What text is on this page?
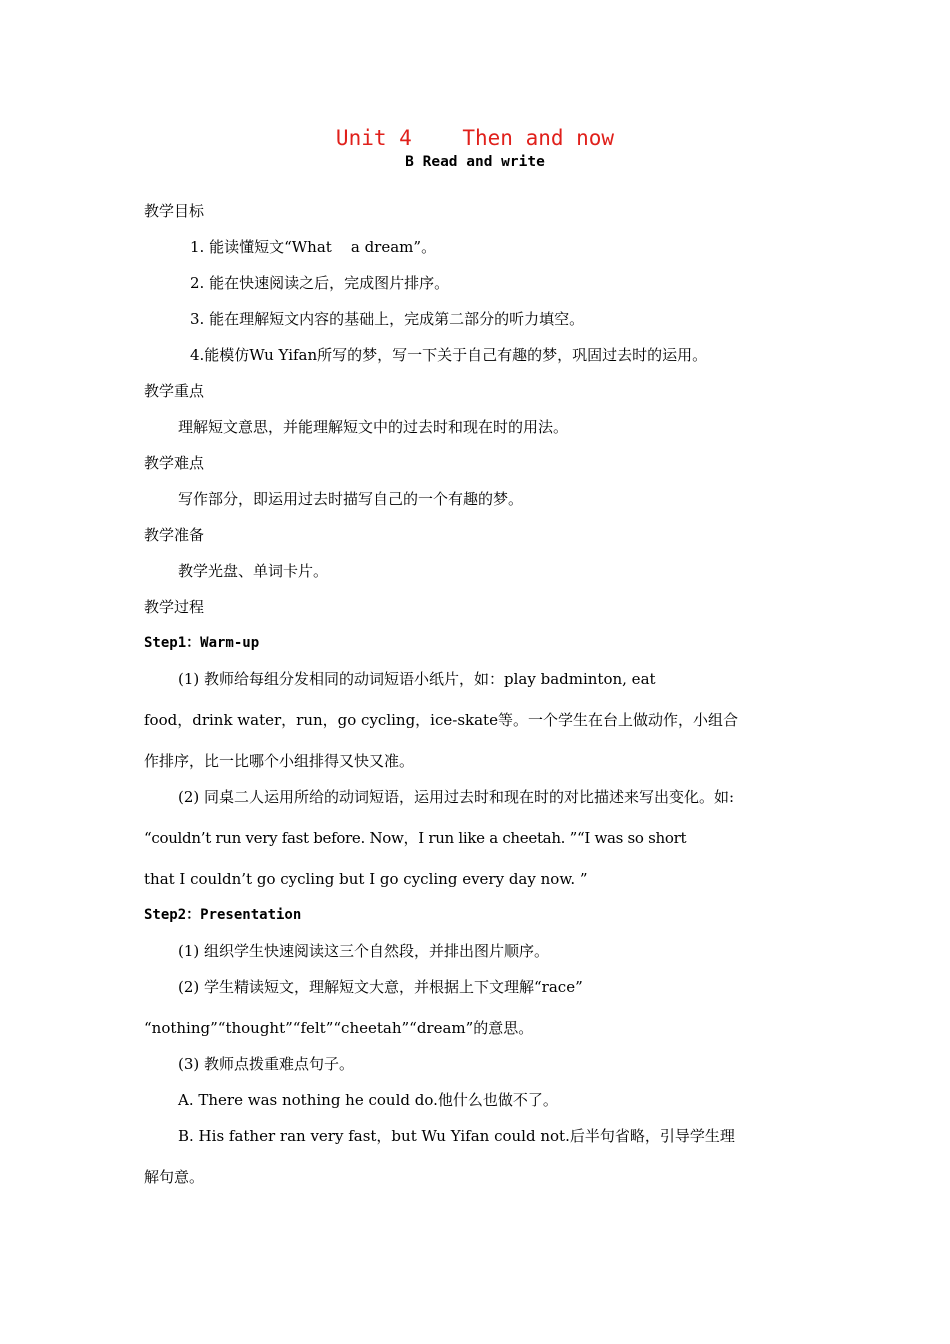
Unit 4    Then and now
B Read and write
教学目标
1. 能读懂短文“What    a dream”。
2. 能在快速阅读之后，完成图片排序。
3. 能在理解短文内容的基础上，完成第二部分的听力填空。
4.能模仿Wu Yifan所写的梦，写一下关于自己有趣的梦，巩固过去时的运用。
教学重点
理解短文意思，并能理解短文中的过去时和现在时的用法。
教学难点
写作部分，即运用过去时描写自己的一个有趣的梦。
教学准备
教学光盘、单词卡片。
教学过程
Step1：Warm-up
(1) 教师给每组分发相同的动词短语小纸片，如：play badminton, eat
food，drink water，run，go cycling，ice-skate等。一个学生在台上做动作，小组合
作排序，比一比哪个小组排得又快又准。
(2) 同桌二人运用所给的动词短语，运用过去时和现在时的对比描述来写出变化。如:
“couldn’t run very fast before. Now，I run like a cheetah. ”“I was so short
that I couldn’t go cycling but I go cycling every day now. ”
Step2：Presentation
(1) 组织学生快速阅读这三个自然段，并排出图片顺序。
(2) 学生精读短文，理解短文大意，并根据上下文理解“race”
“nothing”“thought”“felt”“cheetah”“dream”的意思。
(3) 教师点拨重难点句子。
A. There was nothing he could do.他什么也做不了。
B. His father ran very fast，but Wu Yifan could not.后半句省略，引导学生理
解句意。
